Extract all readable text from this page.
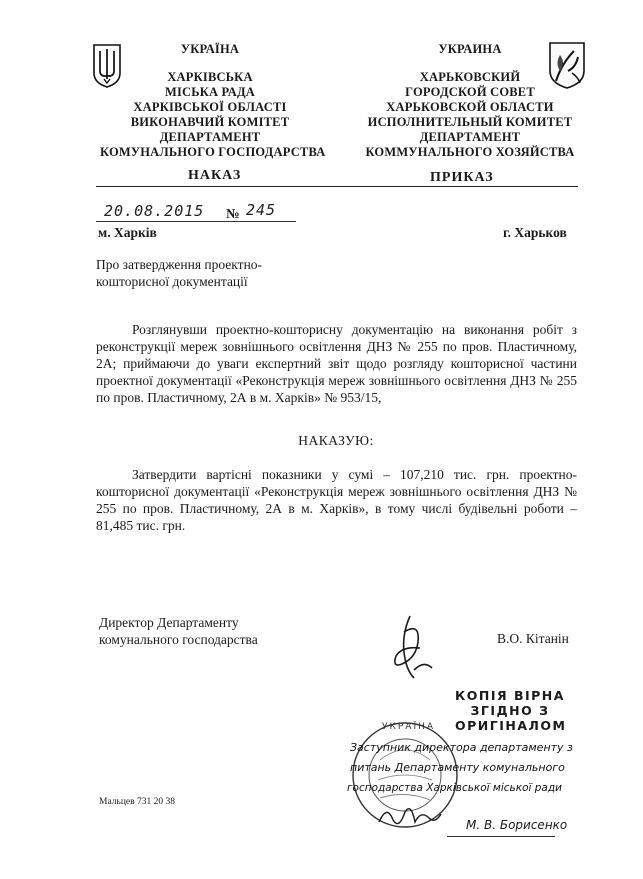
УКРАЇНА
ХАРКІВСЬКА
МІСЬКА РАДА
ХАРКІВСЬКОЇ ОБЛАСТІ
ВИКОНАВЧИЙ КОМІТЕТ
ДЕПАРТАМЕНТ
КОМУНАЛЬНОГО ГОСПОДАРСТВА
УКРАИНА
ХАРЬКОВСКИЙ
ГОРОДСКОЙ СОВЕТ
ХАРЬКОВСКОЙ ОБЛАСТИ
ИСПОЛНИТЕЛЬНЫЙ КОМИТЕТ
ДЕПАРТАМЕНТ
КОММУНАЛЬНОГО ХОЗЯЙСТВА
НАКАЗ	ПРИКАЗ
20.08.2015 № 245
м. Харків	г. Харьков
Про затвердження проектно-
кошторисної документації
Розглянувши проектно-кошторисну документацію на виконання робіт з реконструкції мереж зовнішнього освітлення ДНЗ № 255 по пров. Пластичному, 2А; приймаючи до уваги експертний звіт щодо розгляду кошторисної частини проектної документації «Реконструкція мереж зовнішнього освітлення ДНЗ № 255 по пров. Пластичному, 2А в м. Харків» № 953/15,
НАКАЗУЮ:
Затвердити вартісні показники у сумі – 107,210 тис. грн. проектно-кошторисної документації «Реконструкція мереж зовнішнього освітлення ДНЗ № 255 по пров. Пластичному, 2А в м. Харків», в тому числі будівельні роботи – 81,485 тис. грн.
Директор Департаменту
комунального господарства	В.О. Кітанін
КОПІЯ ВІРНА
ЗГІДНО З
ОРИГІНАЛОМ
УКРАЇНА
Заступник директора департаменту з
питань Департаменту комунального
господарства Харківської міської ради
М. В. Борисенко
Мальцев 731 20 38
